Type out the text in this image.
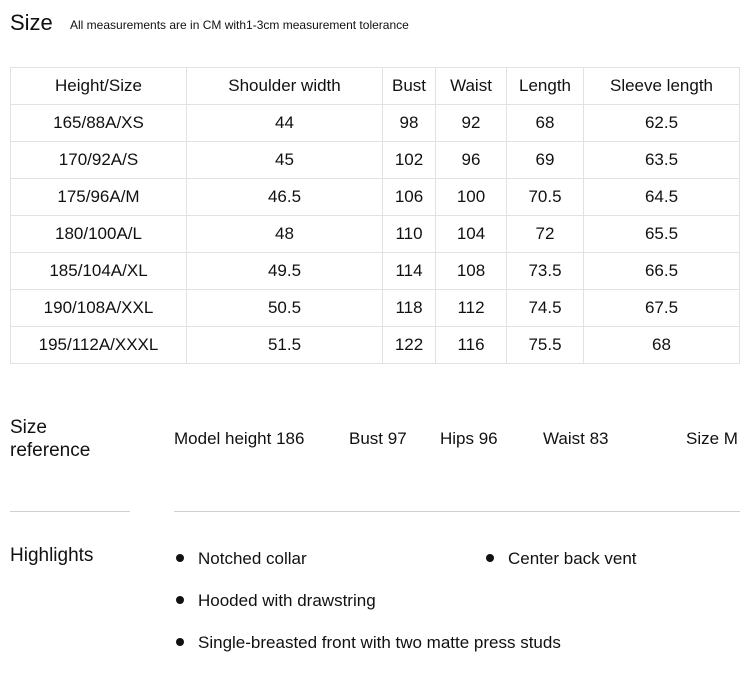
Size All measurements are in CM with1-3cm measurement tolerance
Height/Size	Shoulder width	Bust	Waist	Length	Sleeve length
165/88A/XS	44	98	92	68	62.5
170/92A/S	45	102	96	69	63.5
175/96A/M	46.5	106	100	70.5	64.5
180/100A/L	48	110	104	72	65.5
185/104A/XL	49.5	114	108	73.5	66.5
190/108A/XXL	50.5	118	112	74.5	67.5
195/112A/XXXL	51.5	122	116	75.5	68
Size
reference
Model height 186	Bust 97 Hips 96	Waist 83	Size M
Highlights	Notched collar	Center back vent
Hooded with drawstring
Single-breasted front with two matte press studs
